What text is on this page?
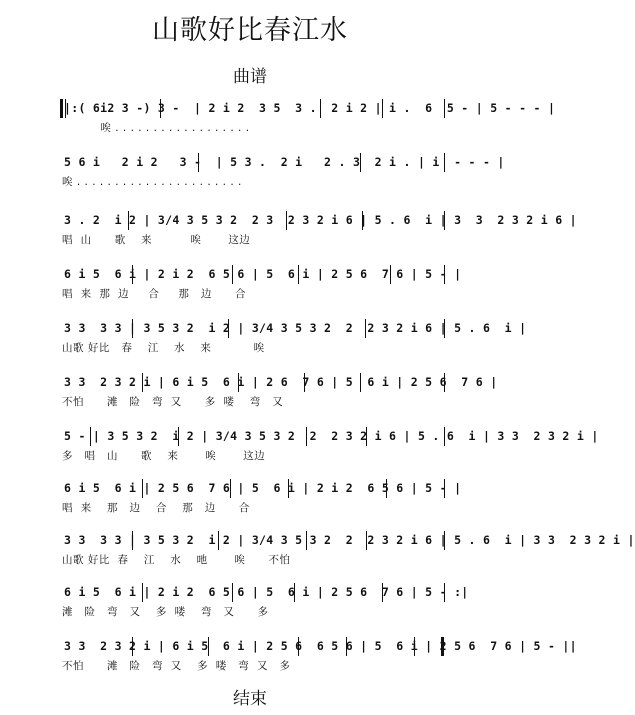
山歌好比春江水
曲谱
|:( 6i2 3 -) 3 -  | 2 i 2  3 5  3 .  2 i 2 | i .  6  5 - | 5 - - - |
唉 . . . . . . . . . . . . . . . . . .
5 6 i   2 i 2   3 -  | 5 3 .  2 i   2 . 3  2 i . | i  - - - |
唉 . . . . . . . . . . . . . . . . . . . . . .
3 . 2  i 2 | 3/4 3 5 3 2  2 3  2 3 2 i 6 | 5 . 6  i | 3  3  2 3 2 i 6 |
唱  山      歌    来          唉       这边
6 i 5  6 i | 2 i 2  6 5 6 | 5  6 i | 2 5 6  7 6 | 5 - |
唱  来  那  边     合     那   边      合
3 3  3 3 | 3 5 3 2  i 2 | 3/4 3 5 3 2  2  2 3 2 i 6 | 5 . 6  i |
山歌 好比   春    江    水    来           唉
3 3  2 3 2 i | 6 i 5  6 i | 2 6  7 6 | 5  6 i | 2 5 6  7 6 |
不怕      滩   险   弯  又      多  喽    弯   又
5 - | 3 5 3 2  i 2 | 3/4 3 5 3 2  2  2 3 2 i 6 | 5 . 6  i | 3 3  2 3 2 i |
多   唱   山      歌    来       唉       这边
6 i 5  6 i | 2 5 6  7 6 | 5  6 i | 2 i 2  6 5 6 | 5 - |
唱  来    那   边    合    那   边      合
3 3  3 3 | 3 5 3 2  i 2 | 3/4 3 5 3 2  2  2 3 2 i 6 | 5 . 6  i | 3 3  2 3 2 i |
山歌 好比  春    江    水    吔       唉      不怕
6 i 5  6 i | 2 i 2  6 5 6 | 5  6 i | 2 5 6  7 6 | 5 - :|
滩   险   弯   又    多  喽    弯   又      多
3 3  2 3 2 i | 6 i 5  6 i | 2 5 6  6 5 6 | 5  6 i | 2 5 6  7 6 | 5 - ||
不怕      滩   险   弯  又    多  喽   弯  又   多
结束
